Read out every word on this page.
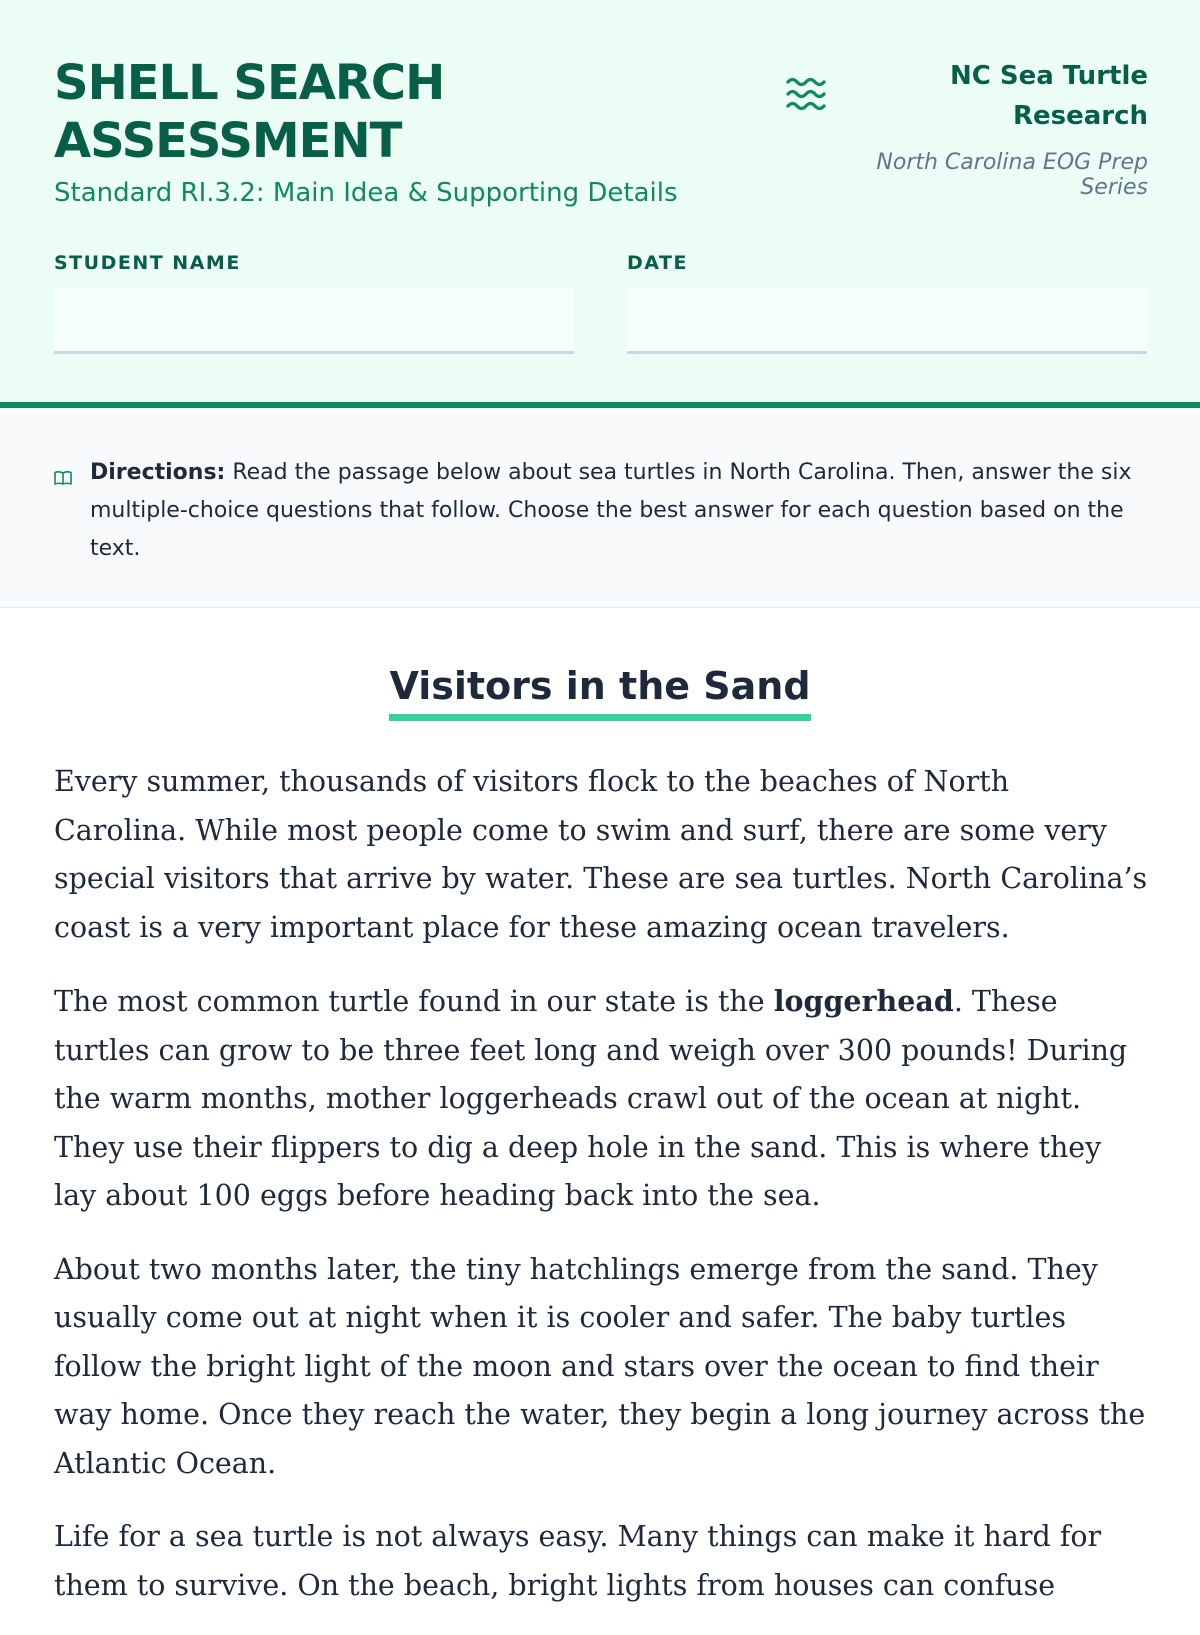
SHELL SEARCH
ASSESSMENT
Standard RI.3.2: Main Idea & Supporting Details
NC Sea Turtle
Research
North Carolina EOG Prep Series
STUDENT NAME	DATE
Directions: Read the passage below about sea turtles in North Carolina. Then, answer the six multiple-choice questions that follow. Choose the best answer for each question based on the text.
Visitors in the Sand

Every summer, thousands of visitors flock to the beaches of North Carolina. While most people come to swim and surf, there are some very special visitors that arrive by water. These are sea turtles. North Carolina’s coast is a very important place for these amazing ocean travelers.

The most common turtle found in our state is the loggerhead. These turtles can grow to be three feet long and weigh over 300 pounds! During the warm months, mother loggerheads crawl out of the ocean at night. They use their flippers to dig a deep hole in the sand. This is where they lay about 100 eggs before heading back into the sea.

About two months later, the tiny hatchlings emerge from the sand. They usually come out at night when it is cooler and safer. The baby turtles follow the bright light of the moon and stars over the ocean to find their way home. Once they reach the water, they begin a long journey across the Atlantic Ocean.

Life for a sea turtle is not always easy. Many things can make it hard for them to survive. On the beach, bright lights from houses can confuse
